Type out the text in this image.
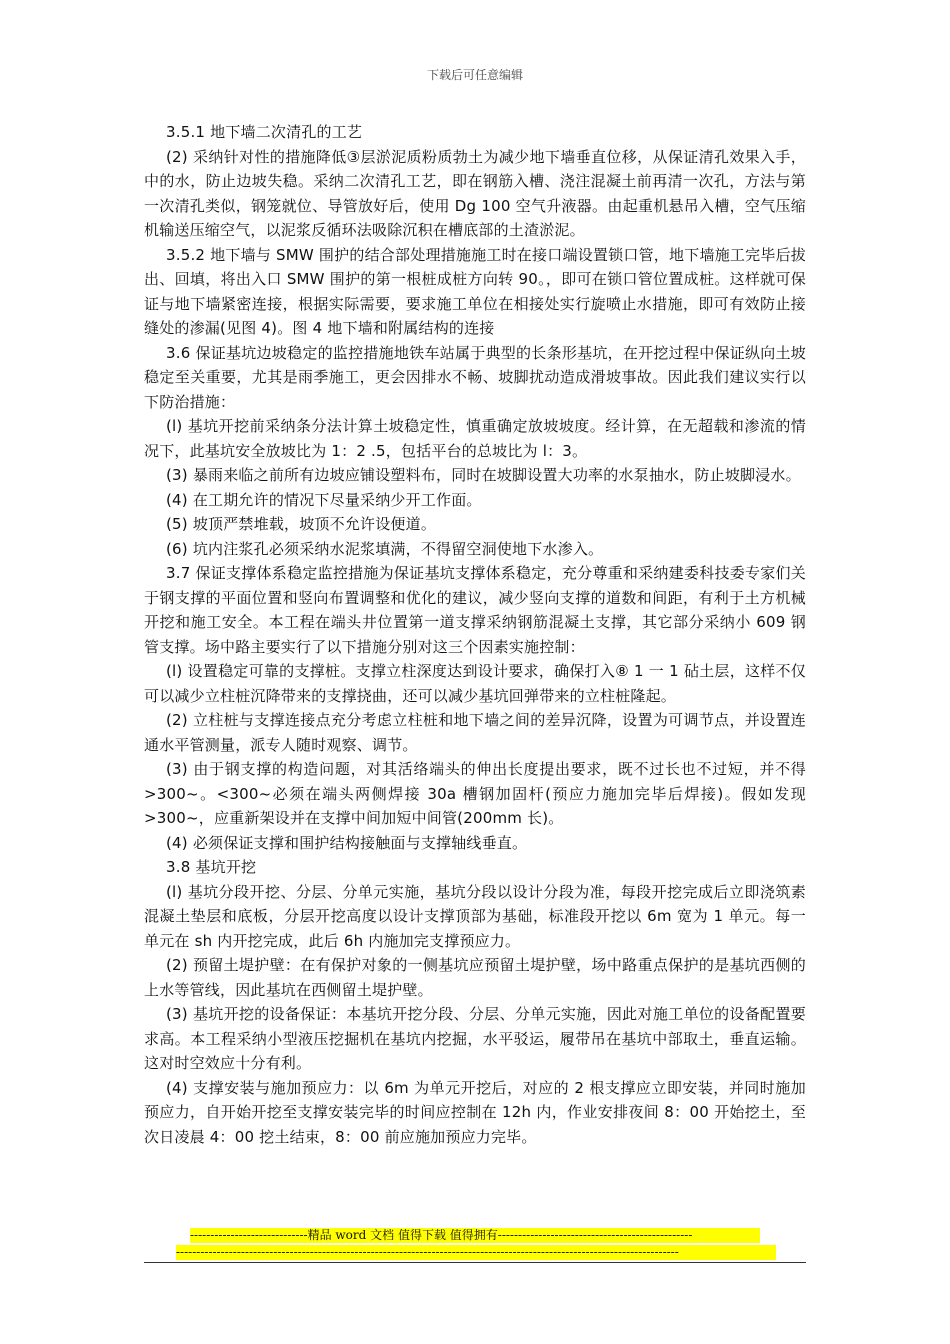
下载后可任意编辑

3.5.1 地下墙二次清孔的工艺

(2) 采纳针对性的措施降低③层淤泥质粉质勃土为减少地下墙垂直位移，从保证清孔效果入手，中的水，防止边坡失稳。采纳二次清孔工艺，即在钢筋入槽、浇注混凝土前再清一次孔，方法与第一次清孔类似，钢笼就位、导管放好后，使用 Dg 100 空气升液器。由起重机悬吊入槽，空气压缩机输送压缩空气，以泥浆反循环法吸除沉积在槽底部的土渣淤泥。

3.5.2 地下墙与 SMW 围护的结合部处理措施施工时在接口端设置锁口管，地下墙施工完毕后拔出、回填，将出入口 SMW 围护的第一根桩成桩方向转 90。，即可在锁口管位置成桩。这样就可保证与地下墙紧密连接，根据实际需要，要求施工单位在相接处实行旋喷止水措施，即可有效防止接缝处的渗漏(见图 4)。图 4 地下墙和附属结构的连接

3.6 保证基坑边坡稳定的监控措施地铁车站属于典型的长条形基坑，在开挖过程中保证纵向土坡稳定至关重要，尤其是雨季施工，更会因排水不畅、坡脚扰动造成滑坡事故。因此我们建议实行以下防治措施：

(l) 基坑开挖前采纳条分法计算土坡稳定性，慎重确定放坡坡度。经计算，在无超载和渗流的情况下，此基坑安全放坡比为 1：2 .5，包括平台的总坡比为 l：3。

(3) 暴雨来临之前所有边坡应铺设塑料布，同时在坡脚设置大功率的水泵抽水，防止坡脚浸水。

(4) 在工期允许的情况下尽量采纳少开工作面。

(5) 坡顶严禁堆载，坡顶不允许设便道。

(6) 坑内注浆孔必须采纳水泥浆填满，不得留空洞使地下水渗入。

3.7 保证支撑体系稳定监控措施为保证基坑支撑体系稳定，充分尊重和采纳建委科技委专家们关于钢支撑的平面位置和竖向布置调整和优化的建议，减少竖向支撑的道数和间距，有利于土方机械开挖和施工安全。本工程在端头井位置第一道支撑采纳钢筋混凝土支撑，其它部分采纳小 609 钢管支撑。场中路主要实行了以下措施分别对这三个因素实施控制：

(l) 设置稳定可靠的支撑桩。支撑立柱深度达到设计要求，确保打入⑧ 1 一 1 砧土层，这样不仅可以减少立柱桩沉降带来的支撑挠曲，还可以减少基坑回弹带来的立柱桩隆起。

(2) 立柱桩与支撑连接点充分考虑立柱桩和地下墙之间的差异沉降，设置为可调节点，并设置连通水平管测量，派专人随时观察、调节。

(3) 由于钢支撑的构造问题，对其活络端头的伸出长度提出要求，既不过长也不过短，并不得>300~。<300~必须在端头两侧焊接 30a 槽钢加固杆(预应力施加完毕后焊接)。假如发现>300~，应重新架设并在支撑中间加短中间管(200mm 长)。

(4) 必须保证支撑和围护结构接触面与支撑轴线垂直。

3.8 基坑开挖

(l) 基坑分段开挖、分层、分单元实施，基坑分段以设计分段为准，每段开挖完成后立即浇筑素混凝土垫层和底板，分层开挖高度以设计支撑顶部为基础，标准段开挖以 6m 宽为 1 单元。每一单元在 sh 内开挖完成，此后 6h 内施加完支撑预应力。

(2) 预留土堤护壁：在有保护对象的一侧基坑应预留土堤护壁，场中路重点保护的是基坑西侧的上水等管线，因此基坑在西侧留土堤护壁。

(3) 基坑开挖的设备保证：本基坑开挖分段、分层、分单元实施，因此对施工单位的设备配置要求高。本工程采纳小型液压挖掘机在基坑内挖掘，水平驳运，履带吊在基坑中部取土，垂直运输。这对时空效应十分有利。

(4) 支撑安装与施加预应力：以 6m 为单元开挖后，对应的 2 根支撑应立即安装，并同时施加预应力，自开始开挖至支撑安装完毕的时间应控制在 12h 内，作业安排夜间 8：00 开始挖土，至次日凌晨 4：00 挖土结束，8：00 前应施加预应力完毕。

-----------------------------精品 word 文档 值得下载 值得拥有------------------------------------------------
----------------------------------------------------------------------------------------------------------------------------
